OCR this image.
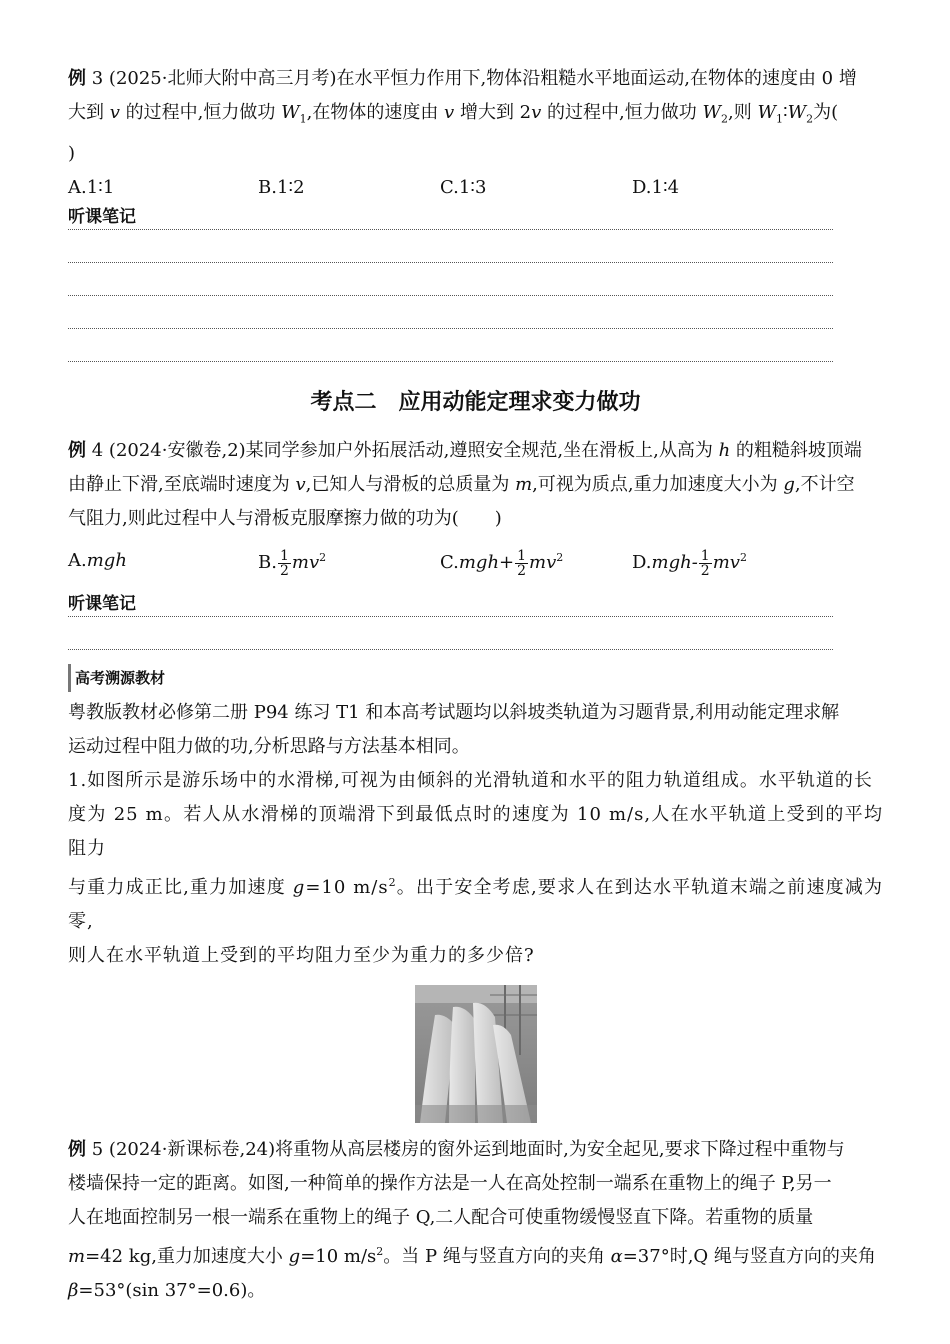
例 3 (2025·北师大附中高三月考)在水平恒力作用下,物体沿粗糙水平地面运动,在物体的速度由 0 增
大到 v 的过程中,恒力做功 $W_1$,在物体的速度由 v 增大到 2v 的过程中,恒力做功 $W_2$,则 $W_1∶W_2$为(
)

A.1∶1	B.1∶2	C.1∶3	D.1∶4
听课笔记
考点二　应用动能定理求变力做功

例 4 (2024·安徽卷,2)某同学参加户外拓展活动,遵照安全规范,坐在滑板上,从高为 h 的粗糙斜坡顶端
由静止下滑,至底端时速度为 v,已知人与滑板的总质量为 m,可视为质点,重力加速度大小为 g,不计空
气阻力,则此过程中人与滑板克服摩擦力做的功为(　　)

A.mgh	B. $\frac{1}{2} mv^2$	$C.mgh+ \frac{1}{2} mv^2$	$D.mgh- \frac{1}{2} mv^2$
听课笔记
高考溯源教材

粤教版教材必修第二册 P94 练习 T1 和本高考试题均以斜坡类轨道为习题背景,利用动能定理求解
运动过程中阻力做的功,分析思路与方法基本相同。

1.如图所示是游乐场中的水滑梯,可视为由倾斜的光滑轨道和水平的阻力轨道组成。水平轨道的长
度为 25 m。若人从水滑梯的顶端滑下到最低点时的速度为 10 m/s,人在水平轨道上受到的平均阻力
与重力成正比,重力加速度 g=10 $m/s^2$。出于安全考虑,要求人在到达水平轨道末端之前速度减为零,
则人在水平轨道上受到的平均阻力至少为重力的多少倍?

例 5 (2024·新课标卷,24)将重物从高层楼房的窗外运到地面时,为安全起见,要求下降过程中重物与
楼墙保持一定的距离。如图,一种简单的操作方法是一人在高处控制一端系在重物上的绳子 P,另一
人在地面控制另一根一端系在重物上的绳子 Q,二人配合可使重物缓慢竖直下降。若重物的质量
m=42 kg,重力加速度大小 g=10 $m/s^2$。当 P 绳与竖直方向的夹角 α=37°时,Q 绳与竖直方向的夹角
β=53°(sin 37°=0.6)。
